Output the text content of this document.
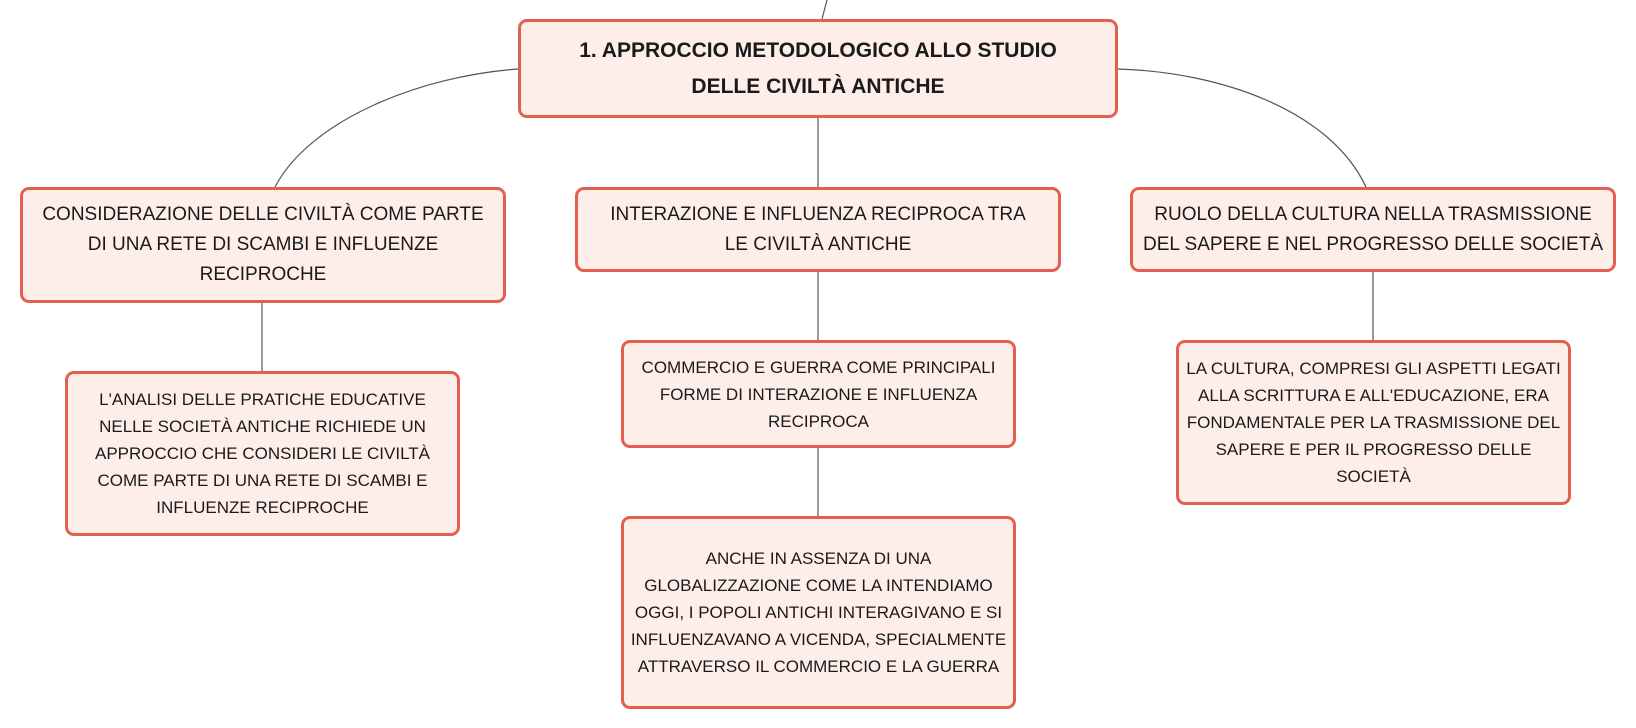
1. APPROCCIO METODOLOGICO ALLO STUDIO DELLE CIVILTÀ ANTICHE
CONSIDERAZIONE DELLE CIVILTÀ COME PARTE DI UNA RETE DI SCAMBI E INFLUENZE RECIPROCHE
INTERAZIONE E INFLUENZA RECIPROCA TRA LE CIVILTÀ ANTICHE
RUOLO DELLA CULTURA NELLA TRASMISSIONE DEL SAPERE E NEL PROGRESSO DELLE SOCIETÀ
L'ANALISI DELLE PRATICHE EDUCATIVE NELLE SOCIETÀ ANTICHE RICHIEDE UN APPROCCIO CHE CONSIDERI LE CIVILTÀ COME PARTE DI UNA RETE DI SCAMBI E INFLUENZE RECIPROCHE
COMMERCIO E GUERRA COME PRINCIPALI FORME DI INTERAZIONE E INFLUENZA RECIPROCA
ANCHE IN ASSENZA DI UNA GLOBALIZZAZIONE COME LA INTENDIAMO OGGI, I POPOLI ANTICHI INTERAGIVANO E SI INFLUENZAVANO A VICENDA, SPECIALMENTE ATTRAVERSO IL COMMERCIO E LA GUERRA
LA CULTURA, COMPRESI GLI ASPETTI LEGATI ALLA SCRITTURA E ALL'EDUCAZIONE, ERA FONDAMENTALE PER LA TRASMISSIONE DEL SAPERE E PER IL PROGRESSO DELLE SOCIETÀ
